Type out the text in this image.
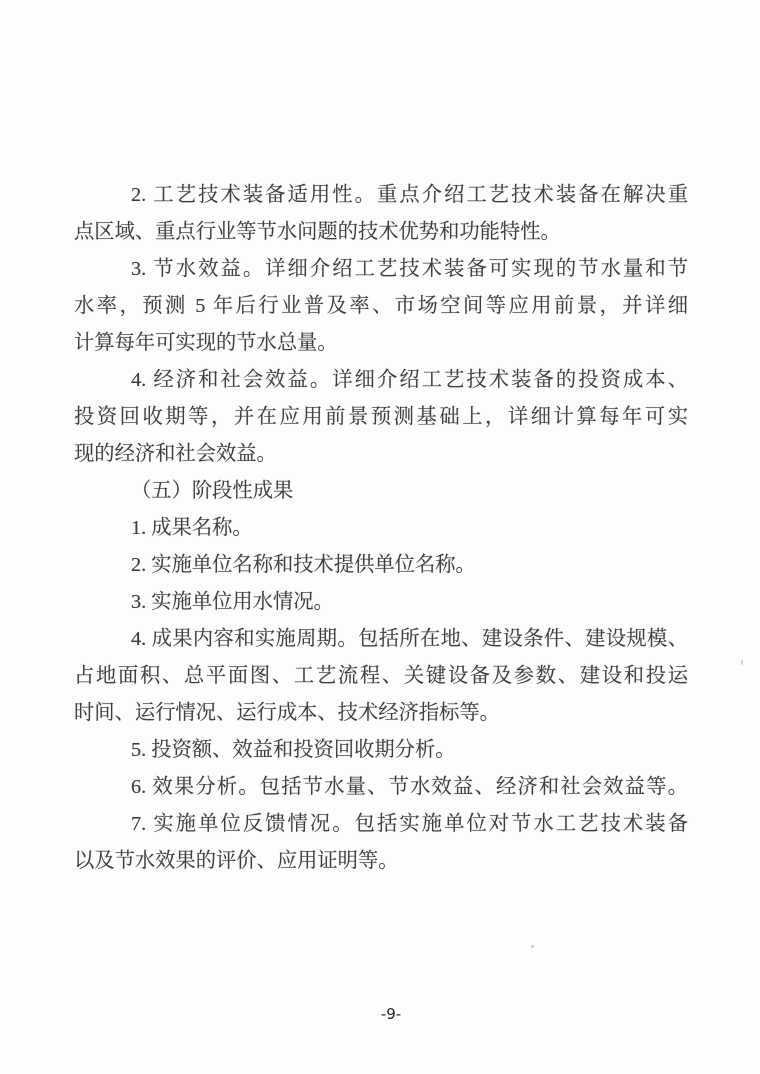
2. 工艺技术装备适用性。重点介绍工艺技术装备在解决重
点区域、重点行业等节水问题的技术优势和功能特性。
3. 节水效益。详细介绍工艺技术装备可实现的节水量和节
水率，预测 5 年后行业普及率、市场空间等应用前景，并详细
计算每年可实现的节水总量。
4. 经济和社会效益。详细介绍工艺技术装备的投资成本、
投资回收期等，并在应用前景预测基础上，详细计算每年可实
现的经济和社会效益。
（五）阶段性成果
1. 成果名称。
2. 实施单位名称和技术提供单位名称。
3. 实施单位用水情况。
4. 成果内容和实施周期。包括所在地、建设条件、建设规模、
占地面积、总平面图、工艺流程、关键设备及参数、建设和投运
时间、运行情况、运行成本、技术经济指标等。
5. 投资额、效益和投资回收期分析。
6. 效果分析。包括节水量、节水效益、经济和社会效益等。
7. 实施单位反馈情况。包括实施单位对节水工艺技术装备
以及节水效果的评价、应用证明等。
-9-
